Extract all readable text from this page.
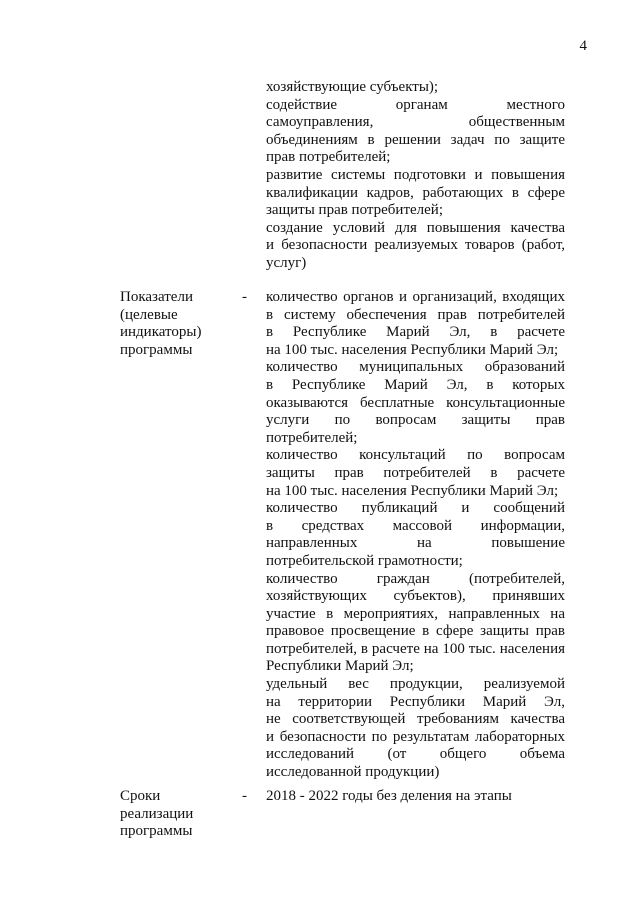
4
хозяйствующие субъекты);
содействие органам местного
самоуправления, общественным
объединениям в решении задач по защите
прав потребителей;
развитие системы подготовки и повышения
квалификации кадров, работающих в сфере
защиты прав потребителей;
создание условий для повышения качества
и безопасности реализуемых товаров (работ,
услуг)
Показатели
(целевые
индикаторы)
программы
- количество органов и организаций, входящих
в систему обеспечения прав потребителей
в Республике Марий Эл, в расчете
на 100 тыс. населения Республики Марий Эл;
количество муниципальных образований
в Республике Марий Эл, в которых
оказываются бесплатные консультационные
услуги по вопросам защиты прав
потребителей;
количество консультаций по вопросам
защиты прав потребителей в расчете
на 100 тыс. населения Республики Марий Эл;
количество публикаций и сообщений
в средствах массовой информации,
направленных на повышение
потребительской грамотности;
количество граждан (потребителей,
хозяйствующих субъектов), принявших
участие в мероприятиях, направленных на
правовое просвещение в сфере защиты прав
потребителей, в расчете на 100 тыс. населения
Республики Марий Эл;
удельный вес продукции, реализуемой
на территории Республики Марий Эл,
не соответствующей требованиям качества
и безопасности по результатам лабораторных
исследований (от общего объема
исследованной продукции)
Сроки
реализации
программы
- 2018 - 2022 годы без деления на этапы
